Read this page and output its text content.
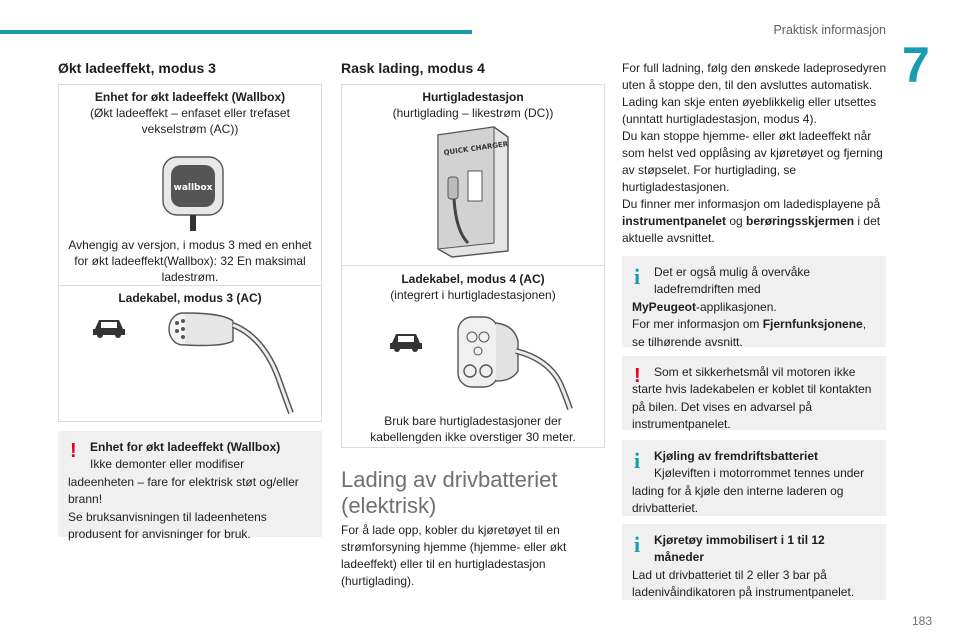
Praktisk informasjon
7
Økt ladeeffekt, modus 3
Enhet for økt ladeeffekt (Wallbox)
(Økt ladeeffekt – enfaset eller trefaset vekselstrøm (AC))
wallbox
Avhengig av versjon, i modus 3 med en enhet for økt ladeeffekt(Wallbox): 32 En maksimal ladestrøm.
Ladekabel, modus 3 (AC)
!	Enhet for økt ladeeffekt (Wallbox)
Ikke demonter eller modifiser
ladeenheten – fare for elektrisk støt og/eller brann!
Se bruksanvisningen til ladeenhetens produsent for anvisninger for bruk.
Rask lading, modus 4
Hurtigladestasjon
(hurtiglading – likestrøm (DC))
QUICK CHARGER
Ladekabel, modus 4 (AC)
(integrert i hurtigladestasjonen)
Bruk bare hurtigladestasjoner der kabellengden ikke overstiger 30 meter.
Lading av drivbatteriet (elektrisk)
For å lade opp, kobler du kjøretøyet til en strømforsyning hjemme (hjemme- eller økt ladeeffekt) eller til en hurtigladestasjon (hurtiglading).
For full ladning, følg den ønskede ladeprosedyren uten å stoppe den, til den avsluttes automatisk. Lading kan skje enten øyeblikkelig eller utsettes (unntatt hurtigladestasjon, modus 4).
Du kan stoppe hjemme- eller økt ladeeffekt når som helst ved opplåsing av kjøretøyet og fjerning av støpselet. For hurtiglading, se hurtigladestasjonen.
Du finner mer informasjon om ladedisplayene på instrumentpanelet og berøringsskjermen i det aktuelle avsnittet.
i	Det er også mulig å overvåke
ladefremdriften med
MyPeugeot-applikasjonen.
For mer informasjon om Fjernfunksjonene, se tilhørende avsnitt.
!	Som et sikkerhetsmål vil motoren ikke
starte hvis ladekabelen er koblet til kontakten på bilen. Det vises en advarsel på instrumentpanelet.
i	Kjøling av fremdriftsbatteriet
Kjøleviften i motorrommet tennes under
lading for å kjøle den interne laderen og drivbatteriet.
i	Kjøretøy immobilisert i 1 til 12 måneder
Lad ut drivbatteriet til 2 eller 3 bar på ladenivåindikatoren på instrumentpanelet.
183
